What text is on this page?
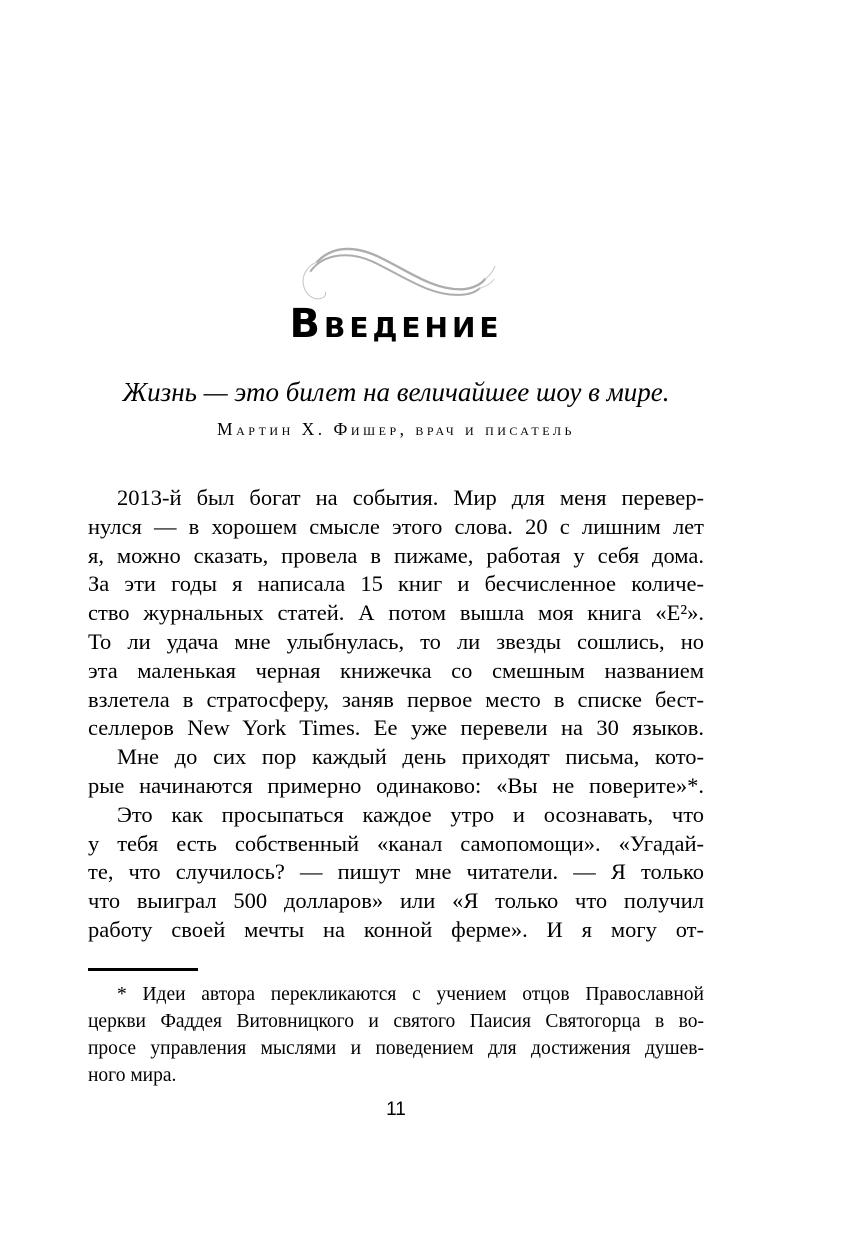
Введение
Жизнь — это билет на величайшее шоу в мире.
Мартин Х. Фишер, врач и писатель
2013-й был богат на события. Мир для меня перевер-
нулся — в хорошем смысле этого слова. 20 с лишним лет
я, можно сказать, провела в пижаме, работая у себя дома.
За эти годы я написала 15 книг и бесчисленное количе-
ство журнальных статей. А потом вышла моя книга «Е²».
То ли удача мне улыбнулась, то ли звезды сошлись, но
эта маленькая черная книжечка со смешным названием
взлетела в стратосферу, заняв первое место в списке бест-
селлеров New York Times. Ее уже перевели на 30 языков.
Мне до сих пор каждый день приходят письма, кото-
рые начинаются примерно одинаково: «Вы не поверите»*.
Это как просыпаться каждое утро и осознавать, что
у тебя есть собственный «канал самопомощи». «Угадай-
те, что случилось? — пишут мне читатели. — Я только
что выиграл 500 долларов» или «Я только что получил
работу своей мечты на конной ферме». И я могу от-
* Идеи автора перекликаются с учением отцов Православной
церкви Фаддея Витовницкого и святого Паисия Святогорца в во-
просе управления мыслями и поведением для достижения душев-
ного мира.
11
